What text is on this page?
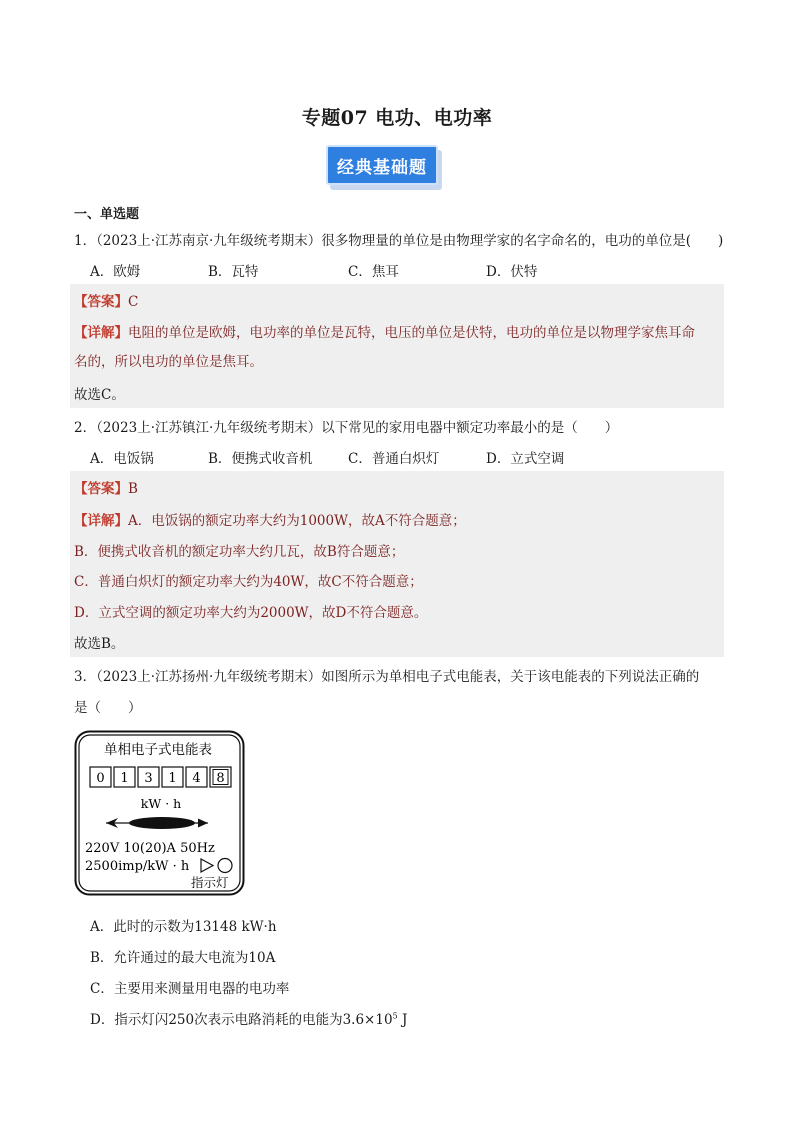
专题07 电功、电功率
经典基础题
一、单选题
1．（2023上·江苏南京·九年级统考期末）很多物理量的单位是由物理学家的名字命名的，电功的单位是(　　)
A．欧姆	B．瓦特	C．焦耳	D．伏特
【答案】C
【详解】电阻的单位是欧姆，电功率的单位是瓦特，电压的单位是伏特，电功的单位是以物理学家焦耳命
名的，所以电功的单位是焦耳。
故选C。
2．（2023上·江苏镇江·九年级统考期末）以下常见的家用电器中额定功率最小的是（　　）
A．电饭锅	B．便携式收音机	C．普通白炽灯	D．立式空调
【答案】B
【详解】A．电饭锅的额定功率大约为1000W，故A不符合题意；
B．便携式收音机的额定功率大约几瓦，故B符合题意；
C．普通白炽灯的额定功率大约为40W，故C不符合题意；
D．立式空调的额定功率大约为2000W，故D不符合题意。
故选B。
3．（2023上·江苏扬州·九年级统考期末）如图所示为单相电子式电能表，关于该电能表的下列说法正确的
是（　　）
单相电子式电能表
0 1 3 1 4 8
kW · h
220V 10(20)A 50Hz
2500imp/kW · h
指示灯
A．此时的示数为13148 kW·h
B．允许通过的最大电流为10A
C．主要用来测量用电器的电功率
D．指示灯闪250次表示电路消耗的电能为$3.6\times 10^5$ J
